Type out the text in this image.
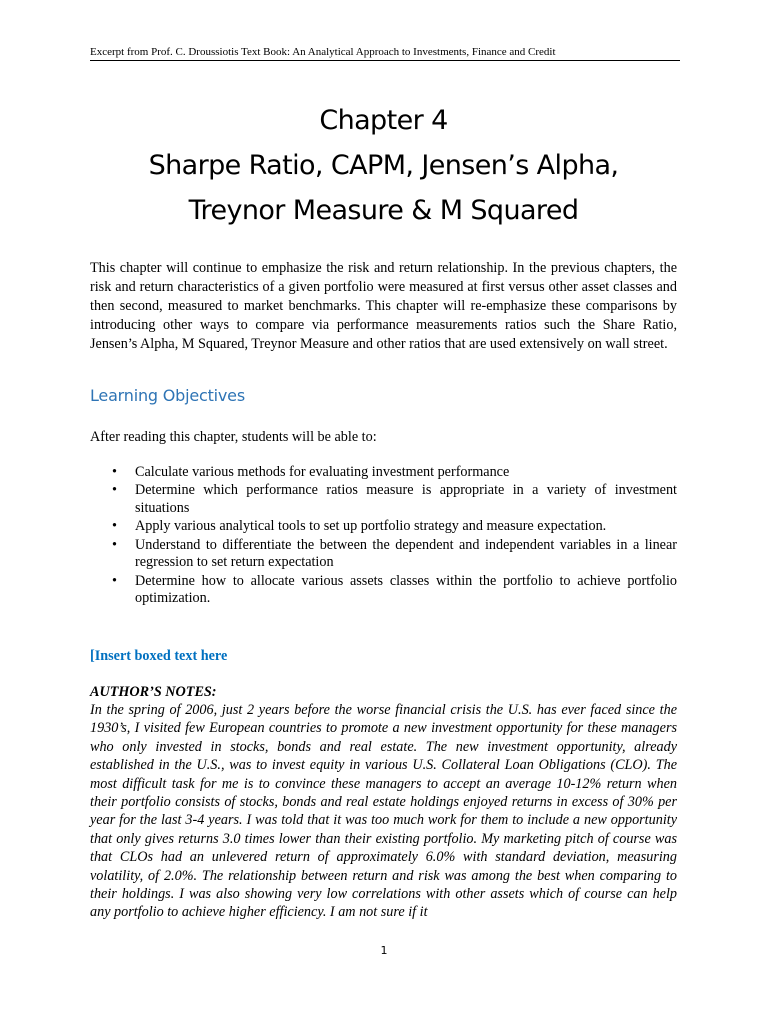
Excerpt from Prof. C. Droussiotis Text Book: An Analytical Approach to Investments, Finance and Credit
Chapter 4
Sharpe Ratio, CAPM, Jensen’s Alpha,
Treynor Measure & M Squared

This chapter will continue to emphasize the risk and return relationship. In the previous chapters, the risk and return characteristics of a given portfolio were measured at first versus other asset classes and then second, measured to market benchmarks. This chapter will re-emphasize these comparisons by introducing other ways to compare via performance measurements ratios such the Share Ratio, Jensen’s Alpha, M Squared, Treynor Measure and other ratios that are used extensively on wall street.

Learning Objectives

After reading this chapter, students will be able to:

• Calculate various methods for evaluating investment performance
• Determine which performance ratios measure is appropriate in a variety of investment situations
• Apply various analytical tools to set up portfolio strategy and measure expectation.
• Understand to differentiate the between the dependent and independent variables in a linear regression to set return expectation
• Determine how to allocate various assets classes within the portfolio to achieve portfolio optimization.

[Insert boxed text here

AUTHOR’S NOTES:

In the spring of 2006, just 2 years before the worse financial crisis the U.S. has ever faced since the 1930’s, I visited few European countries to promote a new investment opportunity for these managers who only invested in stocks, bonds and real estate. The new investment opportunity, already established in the U.S., was to invest equity in various U.S. Collateral Loan Obligations (CLO). The most difficult task for me is to convince these managers to accept an average 10-12% return when their portfolio consists of stocks, bonds and real estate holdings enjoyed returns in excess of 30% per year for the last 3-4 years. I was told that it was too much work for them to include a new opportunity that only gives returns 3.0 times lower than their existing portfolio. My marketing pitch of course was that CLOs had an unlevered return of approximately 6.0% with standard deviation, measuring volatility, of 2.0%. The relationship between return and risk was among the best when comparing to their holdings. I was also showing very low correlations with other assets which of course can help any portfolio to achieve higher efficiency. I am not sure if it

1
